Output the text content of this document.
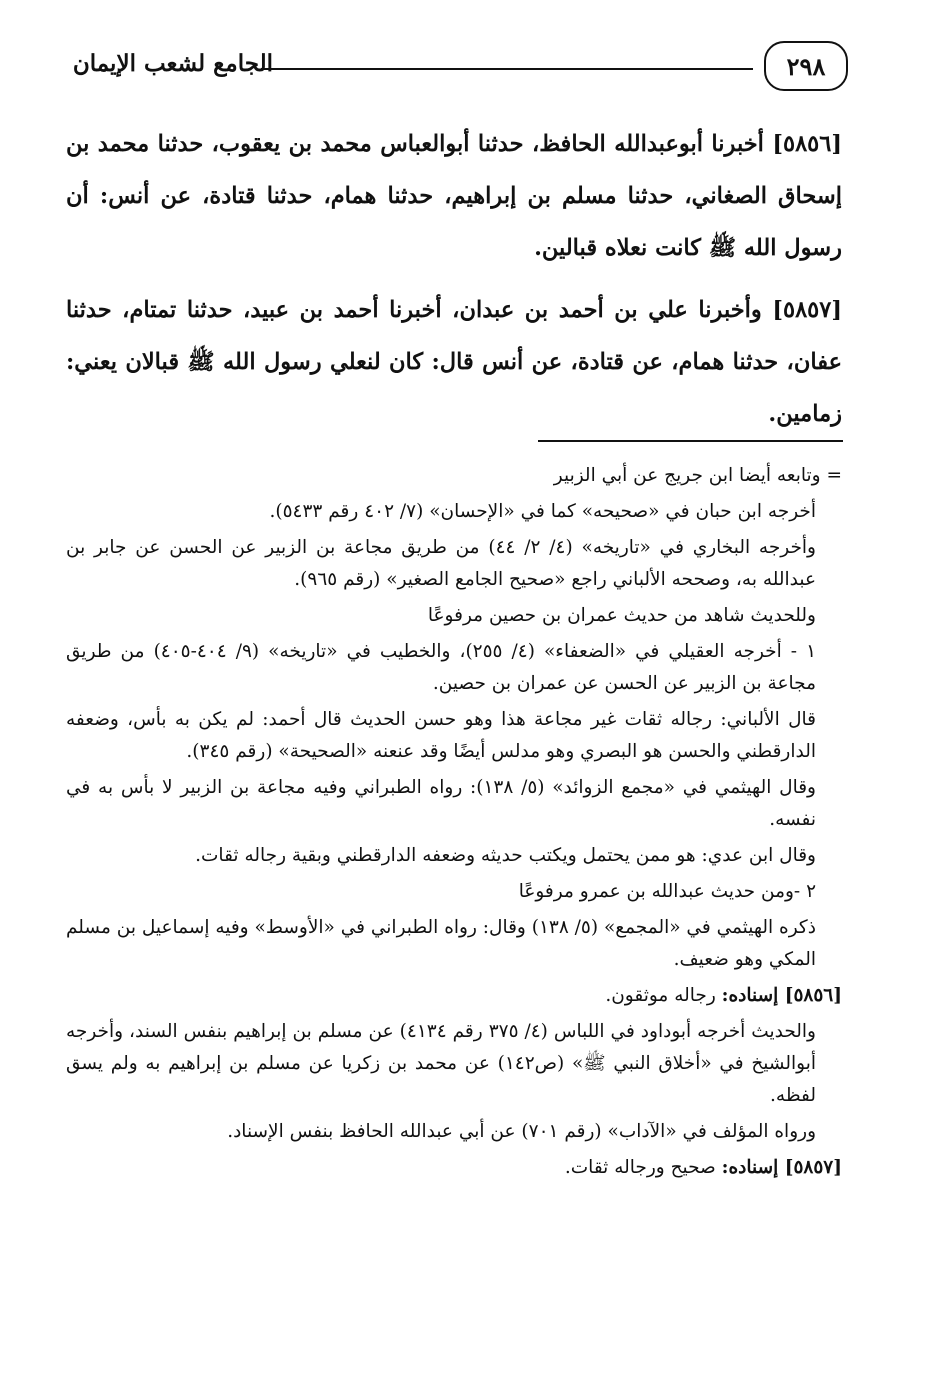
الجامع لشعب الإيمان	٢٩٨

[٥٨٥٦] أخبرنا أبوعبدالله الحافظ، حدثنا أبوالعباس محمد بن يعقوب، حدثنا محمد بن إسحاق الصغاني، حدثنا مسلم بن إبراهيم، حدثنا همام، حدثنا قتادة، عن أنس: أن رسول الله ﷺ كانت نعلاه قبالين.

[٥٨٥٧] وأخبرنا علي بن أحمد بن عبدان، أخبرنا أحمد بن عبيد، حدثنا تمتام، حدثنا عفان، حدثنا همام، عن قتادة، عن أنس قال: كان لنعلي رسول الله ﷺ قبالان يعني: زمامين.

= وتابعه أيضا ابن جريج عن أبي الزبير

أخرجه ابن حبان في «صحيحه» كما في «الإحسان» (٧/ ٤٠٢ رقم ٥٤٣٣).

وأخرجه البخاري في «تاريخه» (٤/ ٢/ ٤٤) من طريق مجاعة بن الزبير عن الحسن عن جابر بن عبدالله به، وصححه الألباني راجع «صحيح الجامع الصغير» (رقم ٩٦٥).

وللحديث شاهد من حديث عمران بن حصين مرفوعًا

١ - أخرجه العقيلي في «الضعفاء» (٤/ ٢٥٥)، والخطيب في «تاريخه» (٩/ ٤٠٤-٤٠٥) من طريق مجاعة بن الزبير عن الحسن عن عمران بن حصين.

قال الألباني: رجاله ثقات غير مجاعة هذا وهو حسن الحديث قال أحمد: لم يكن به بأس، وضعفه الدارقطني والحسن هو البصري وهو مدلس أيضًا وقد عنعنه «الصحيحة» (رقم ٣٤٥).

وقال الهيثمي في «مجمع الزوائد» (٥/ ١٣٨): رواه الطبراني وفيه مجاعة بن الزبير لا بأس به في نفسه.

وقال ابن عدي: هو ممن يحتمل ويكتب حديثه وضعفه الدارقطني وبقية رجاله ثقات.

٢ -ومن حديث عبدالله بن عمرو مرفوعًا

ذكره الهيثمي في «المجمع» (٥/ ١٣٨) وقال: رواه الطبراني في «الأوسط» وفيه إسماعيل بن مسلم المكي وهو ضعيف.

[٥٨٥٦] إسناده: رجاله موثقون.

والحديث أخرجه أبوداود في اللباس (٤/ ٣٧٥ رقم ٤١٣٤) عن مسلم بن إبراهيم بنفس السند، وأخرجه أبوالشيخ في «أخلاق النبي ﷺ» (ص١٤٢) عن محمد بن زكريا عن مسلم بن إبراهيم به ولم يسق لفظه.

ورواه المؤلف في «الآداب» (رقم ٧٠١) عن أبي عبدالله الحافظ بنفس الإسناد.

[٥٨٥٧] إسناده: صحيح ورجاله ثقات.
